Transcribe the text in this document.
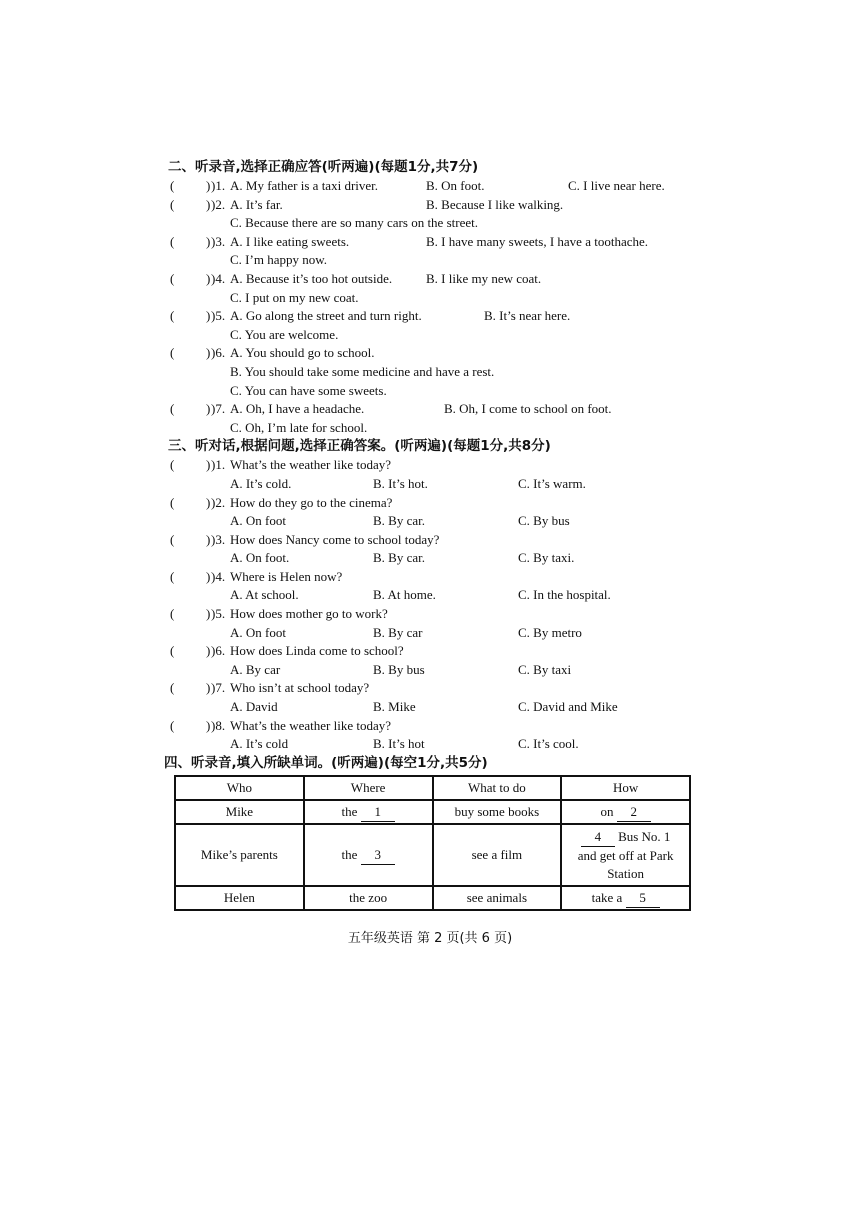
二、听录音,选择正确应答(听两遍)(每题1分,共7分)
( ) )1. A. My father is a taxi driver.	B. On foot.	C. I live near here.
( ) )2. A. It’s far.	B. Because I like walking.
C. Because there are so many cars on the street.
( ) )3. A. I like eating sweets.	B. I have many sweets, I have a toothache.
C. I’m happy now.
( ) )4. A. Because it’s too hot outside.	B. I like my new coat.
C. I put on my new coat.
( ) )5. A. Go along the street and turn right.	B. It’s near here.
C. You are welcome.
( ) )6. A. You should go to school.
B. You should take some medicine and have a rest.
C. You can have some sweets.
( ) )7. A. Oh, I have a headache.	B. Oh, I come to school on foot.
C. Oh, I’m late for school.
三、听对话,根据问题,选择正确答案。(听两遍)(每题1分,共8分)
( ) )1. What’s the weather like today?
A. It’s cold.	B. It’s hot.	C. It’s warm.
( ) )2. How do they go to the cinema?
A. On foot	B. By car.	C. By bus
( ) )3. How does Nancy come to school today?
A. On foot.	B. By car.	C. By taxi.
( ) )4. Where is Helen now?
A. At school.	B. At home.	C. In the hospital.
( ) )5. How does mother go to work?
A. On foot	B. By car	C. By metro
( ) )6. How does Linda come to school?
A. By car	B. By bus	C. By taxi
( ) )7. Who isn’t at school today?
A. David	B. Mike	C. David and Mike
( ) )8. What’s the weather like today?
A. It’s cold	B. It’s hot	C. It’s cool.
四、听录音,填入所缺单词。(听两遍)(每空1分,共5分)
Who	Where	What to do	How
Mike	the 1	buy some books	on 2
Mike’s parents	the 3	see a film	4 Bus No. 1
and get off at Park
Station

Helen	the zoo	see animals	take a 5
五年级英语 第 2 页(共 6 页)
